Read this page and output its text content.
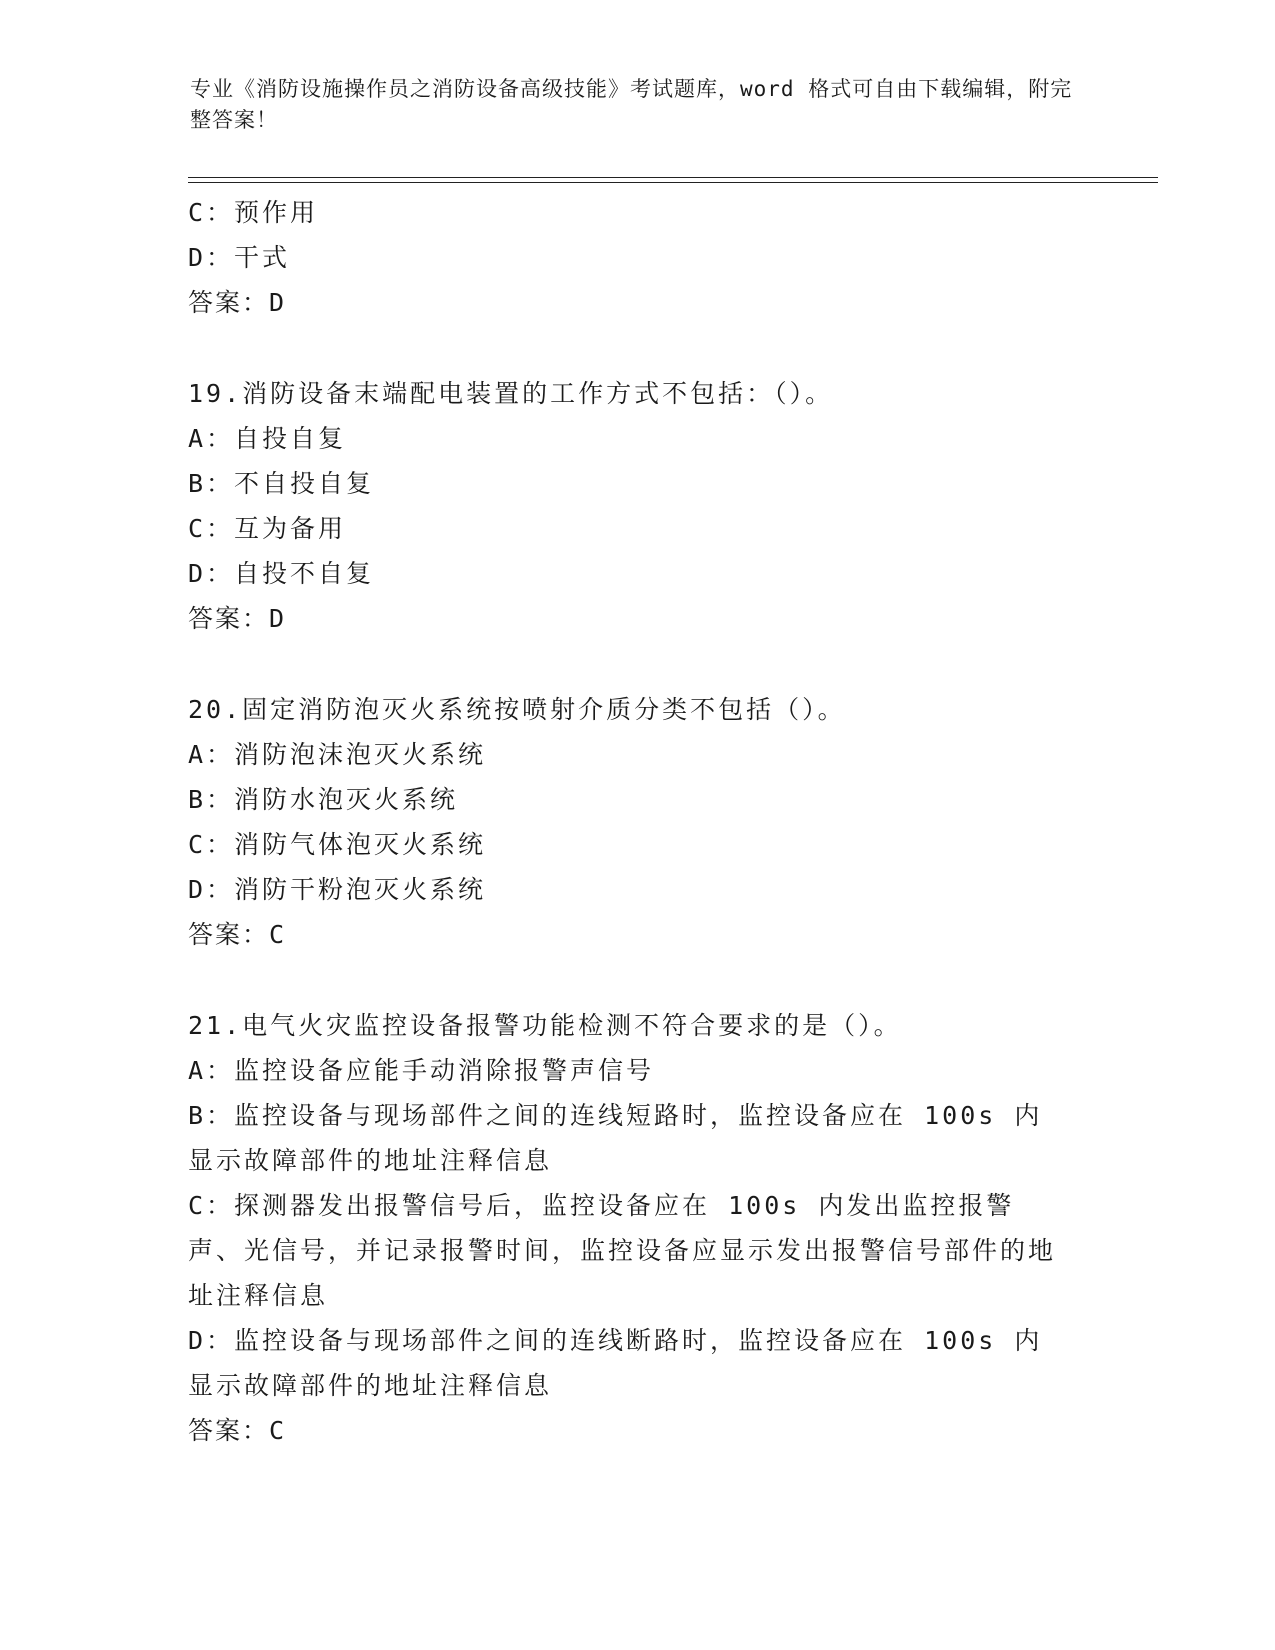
专业《消防设施操作员之消防设备高级技能》考试题库，word 格式可自由下载编辑，附完整答案！
C：预作用
D：干式
答案：D
19.消防设备末端配电装置的工作方式不包括：（）。
A：自投自复
B：不自投自复
C：互为备用
D：自投不自复
答案：D
20.固定消防泡灭火系统按喷射介质分类不包括（）。
A：消防泡沫泡灭火系统
B：消防水泡灭火系统
C：消防气体泡灭火系统
D：消防干粉泡灭火系统
答案：C
21.电气火灾监控设备报警功能检测不符合要求的是（）。
A：监控设备应能手动消除报警声信号
B：监控设备与现场部件之间的连线短路时，监控设备应在 100s 内显示故障部件的地址注释信息
C：探测器发出报警信号后，监控设备应在 100s 内发出监控报警声、光信号，并记录报警时间，监控设备应显示发出报警信号部件的地址注释信息
D：监控设备与现场部件之间的连线断路时，监控设备应在 100s 内显示故障部件的地址注释信息
答案：C
